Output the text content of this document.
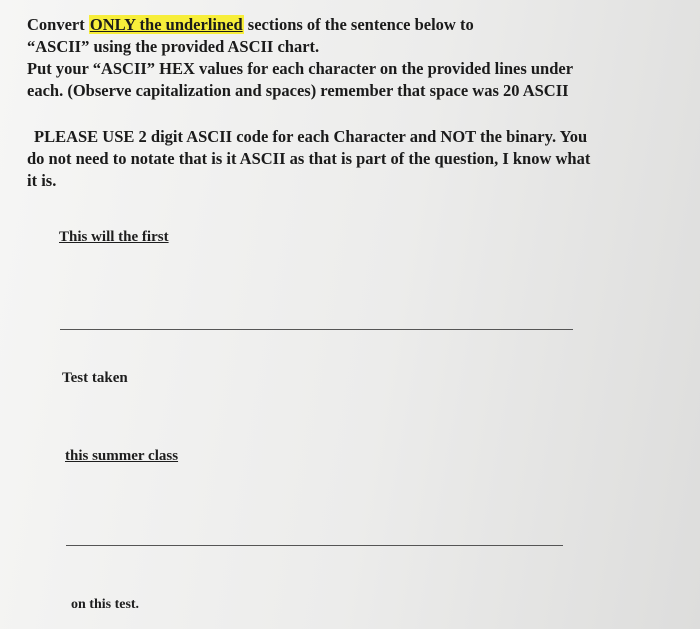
Convert ONLY the underlined sections of the sentence below to
“ASCII” using the provided ASCII chart.
Put your “ASCII” HEX values for each character on the provided lines under
each. (Observe capitalization and spaces) remember that space was 20 ASCII
PLEASE USE 2 digit ASCII code for each Character and NOT the binary. You
do not need to notate that is it ASCII as that is part of the question, I know what
it is.
This will the first
Test taken
this summer class
on this test.
